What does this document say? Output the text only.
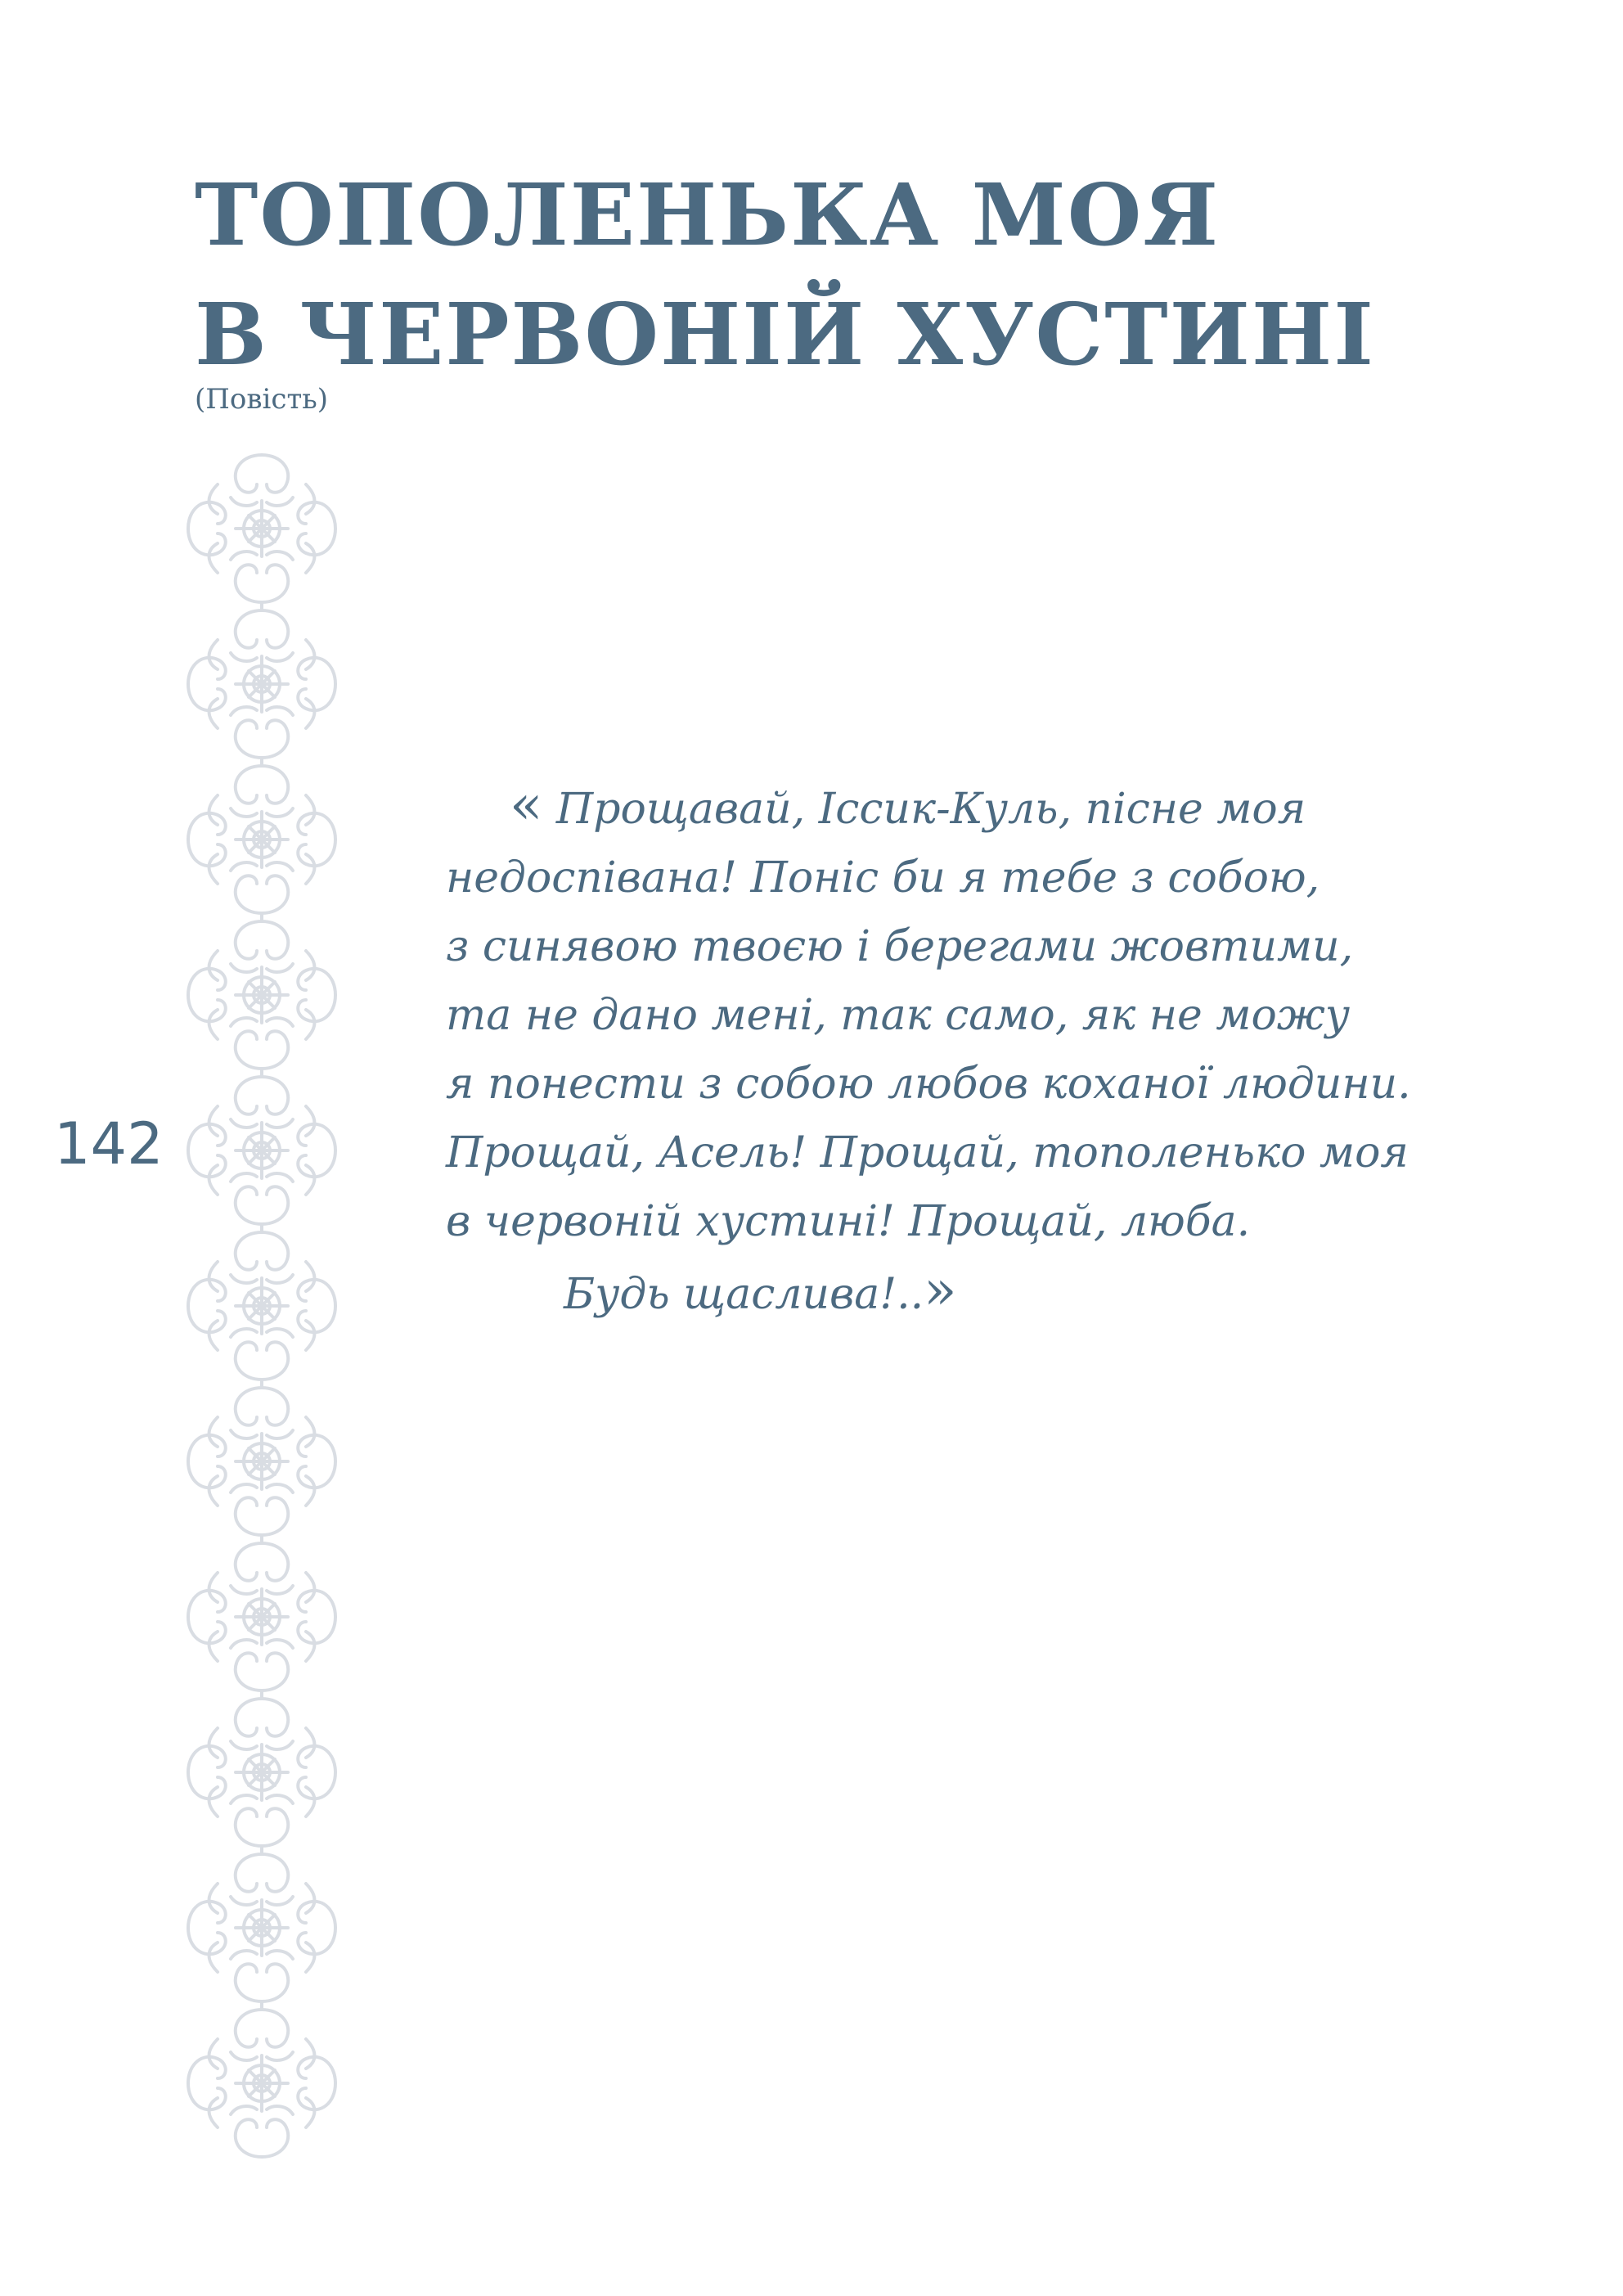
ТОПОЛЕНЬКА МОЯ
В ЧЕРВОНІЙ ХУСТИНІ
(Повість)
142
« Прощавай, Іссик-Куль, пісне моя
недоспівана! Поніс би я тебе з собою,
з синявою твоєю і берегами жовтими,
та не дано мені, так само, як не можу
я понести з собою любов коханої людини.
Прощай, Асель! Прощай, тополенько моя
в червоній хустині! Прощай, люба.
Будь щаслива!..»
